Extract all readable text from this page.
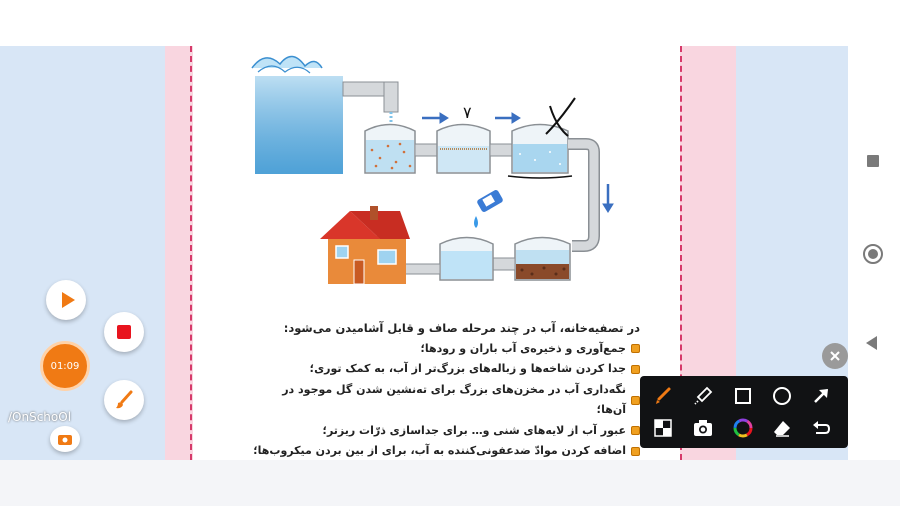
۷
در تصفیه‌خانه، آب در چند مرحله صاف و قابل آشامیدن می‌شود:
جمع‌آوری و ذخیره‌ی آب باران و رودها؛
جدا کردن شاخه‌ها و زباله‌های بزرگ‌تر از آب، به کمک توری؛
نگه‌داری آب در مخزن‌های بزرگ برای ته‌نشین شدن گل موجود در آن‌ها؛
عبور آب از لایه‌های شنی و… برای جداسازی ذرّات ریزتر؛
اضافه کردن موادّ ضدعفونی‌کننده به آب، برای از بین بردن میکروب‌ها؛
01:09
/OnSchoOl
